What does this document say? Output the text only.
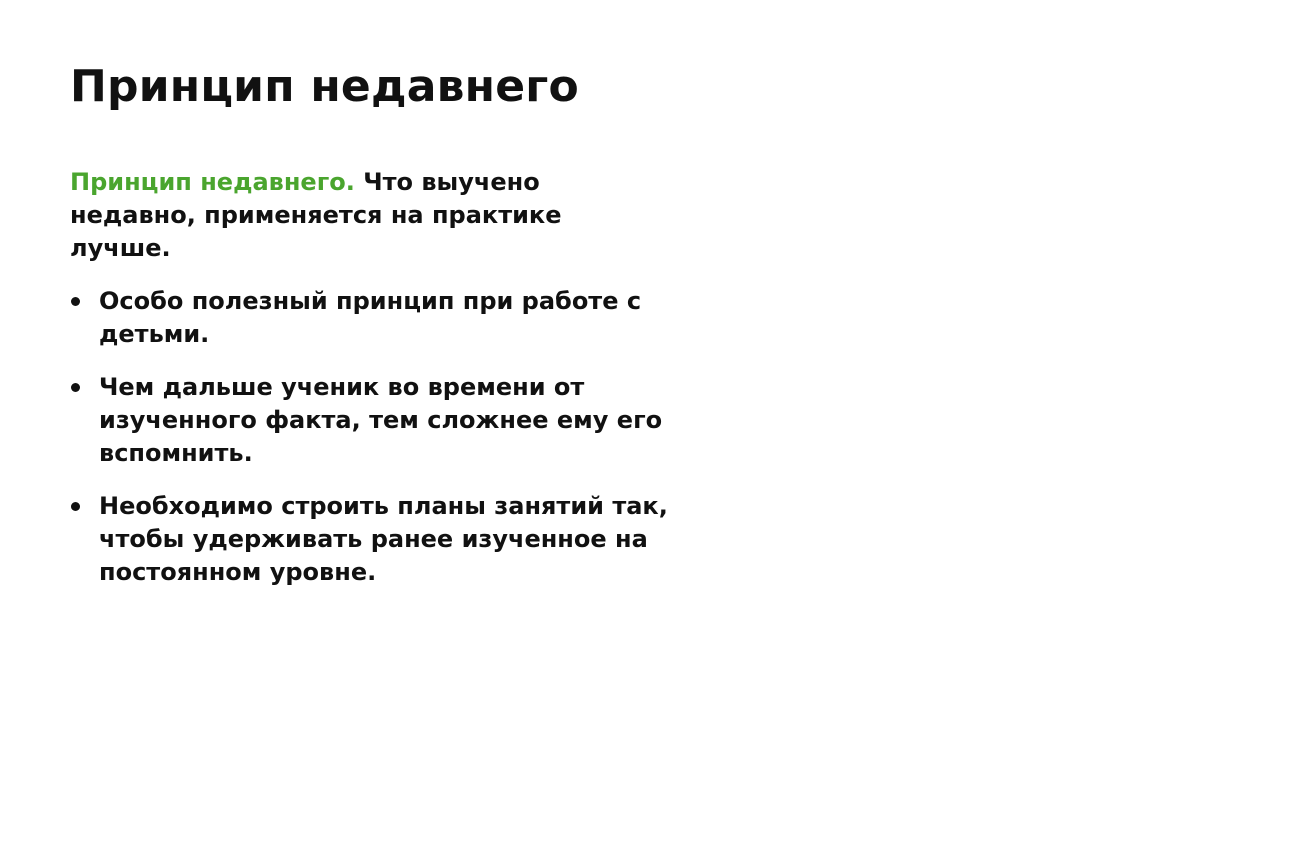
Принцип недавнего

Принцип недавнего. Что выучено недавно, применяется на практике лучше.

Особо полезный принцип при работе с детьми.
Чем дальше ученик во времени от изученного факта, тем сложнее ему его вспомнить.
Необходимо строить планы занятий так, чтобы удерживать ранее изученное на постоянном уровне.
